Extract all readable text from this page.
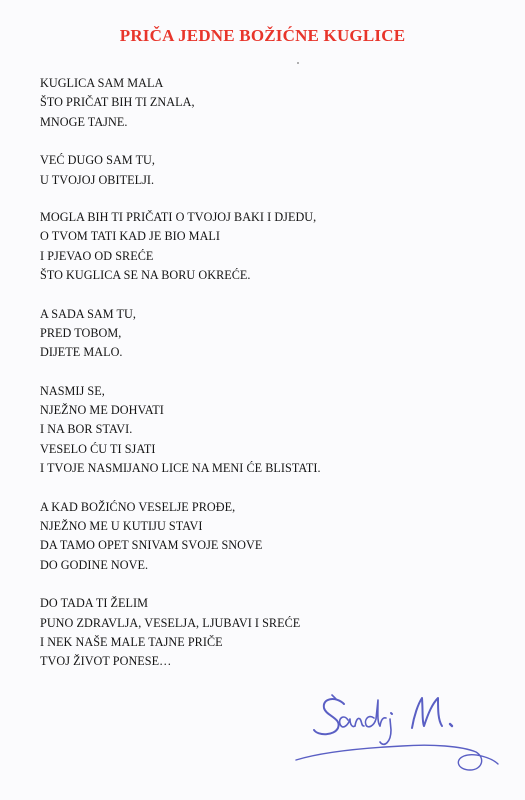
PRIČA JEDNE BOŽIĆNE KUGLICE
KUGLICA SAM MALA
ŠTO PRIČAT BIH TI ZNALA,
MNOGE TAJNE.
VEĆ DUGO SAM TU,
U TVOJOJ OBITELJI.
MOGLA BIH TI PRIČATI O TVOJOJ BAKI I DJEDU,
O TVOM TATI KAD JE BIO MALI
I PJEVAO OD SREĆE
ŠTO KUGLICA SE NA BORU OKREĆE.
A SADA SAM TU,
PRED TOBOM,
DIJETE MALO.
NASMIJ SE,
NJEŽNO ME DOHVATI
I NA BOR STAVI.
VESELO ĆU TI SJATI
I TVOJE NASMIJANO LICE NA MENI ĆE BLISTATI.
A KAD BOŽIĆNO VESELJE PROĐE,
NJEŽNO ME U KUTIJU STAVI
DA TAMO OPET SNIVAM SVOJE SNOVE
DO GODINE NOVE.
DO TADA TI ŽELIM
PUNO ZDRAVLJA, VESELJA, LJUBAVI I SREĆE
I NEK NAŠE MALE TAJNE PRIČE
TVOJ ŽIVOT PONESE…
